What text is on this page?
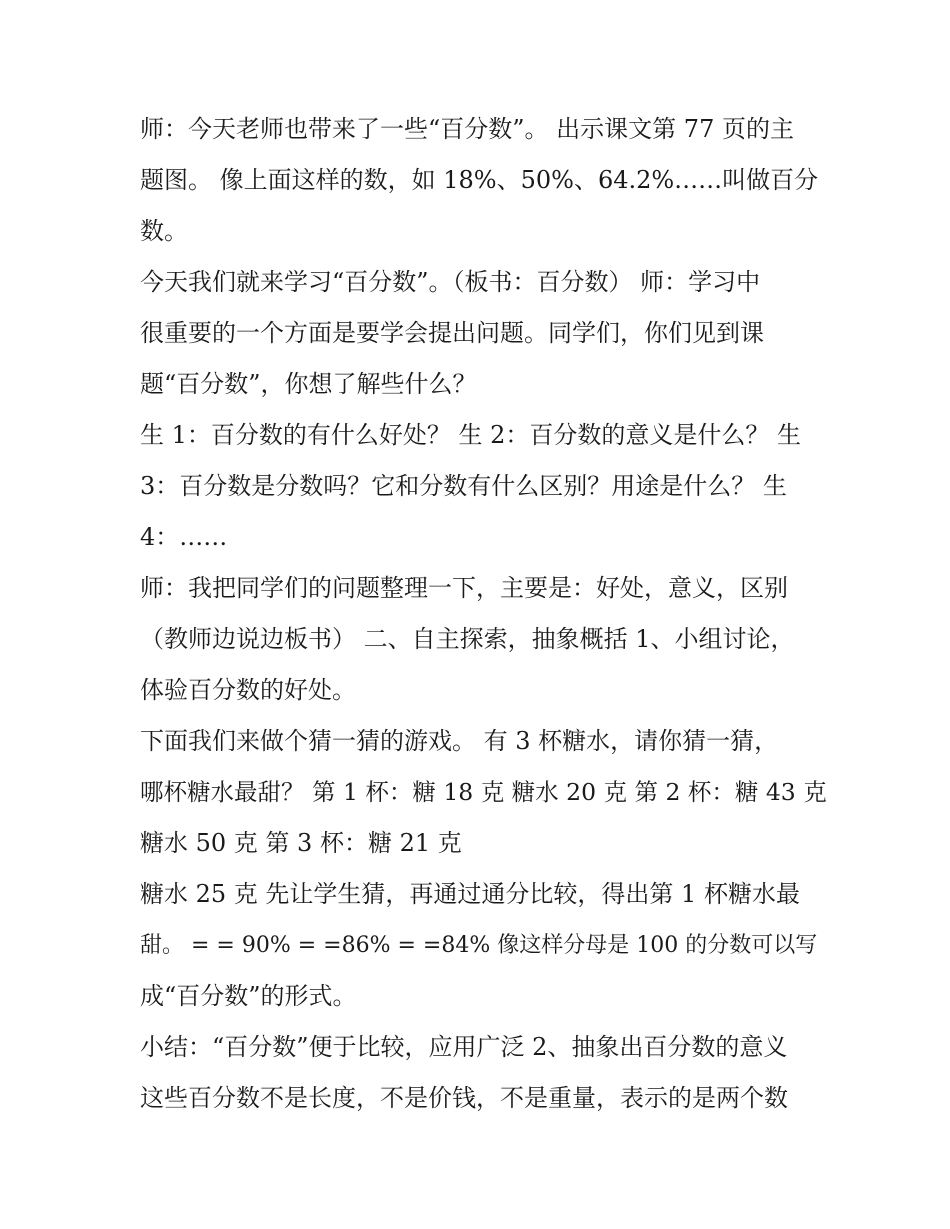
师：今天老师也带来了一些“百分数”。 出示课文第 77 页的主
题图。 像上面这样的数，如 18%、50%、64.2%……叫做百分
数。
今天我们就来学习“百分数”。（板书：百分数） 师：学习中
很重要的一个方面是要学会提出问题。同学们，你们见到课
题“百分数”，你想了解些什么？
生 1：百分数的有什么好处？ 生 2：百分数的意义是什么？ 生
3：百分数是分数吗？它和分数有什么区别？用途是什么？ 生
4：……
师：我把同学们的问题整理一下，主要是：好处，意义，区别
（教师边说边板书） 二、自主探索，抽象概括 1、小组讨论，
体验百分数的好处。
下面我们来做个猜一猜的游戏。 有 3 杯糖水，请你猜一猜，
哪杯糖水最甜？ 第 1 杯：糖 18 克 糖水 20 克 第 2 杯：糖 43 克
糖水 50 克 第 3 杯：糖 21 克
糖水 25 克 先让学生猜，再通过通分比较，得出第 1 杯糖水最
甜。 = = 90% = =86% = =84% 像这样分母是 100 的分数可以写
成“百分数”的形式。
小结：“百分数”便于比较，应用广泛 2、抽象出百分数的意义
这些百分数不是长度，不是价钱，不是重量，表示的是两个数
